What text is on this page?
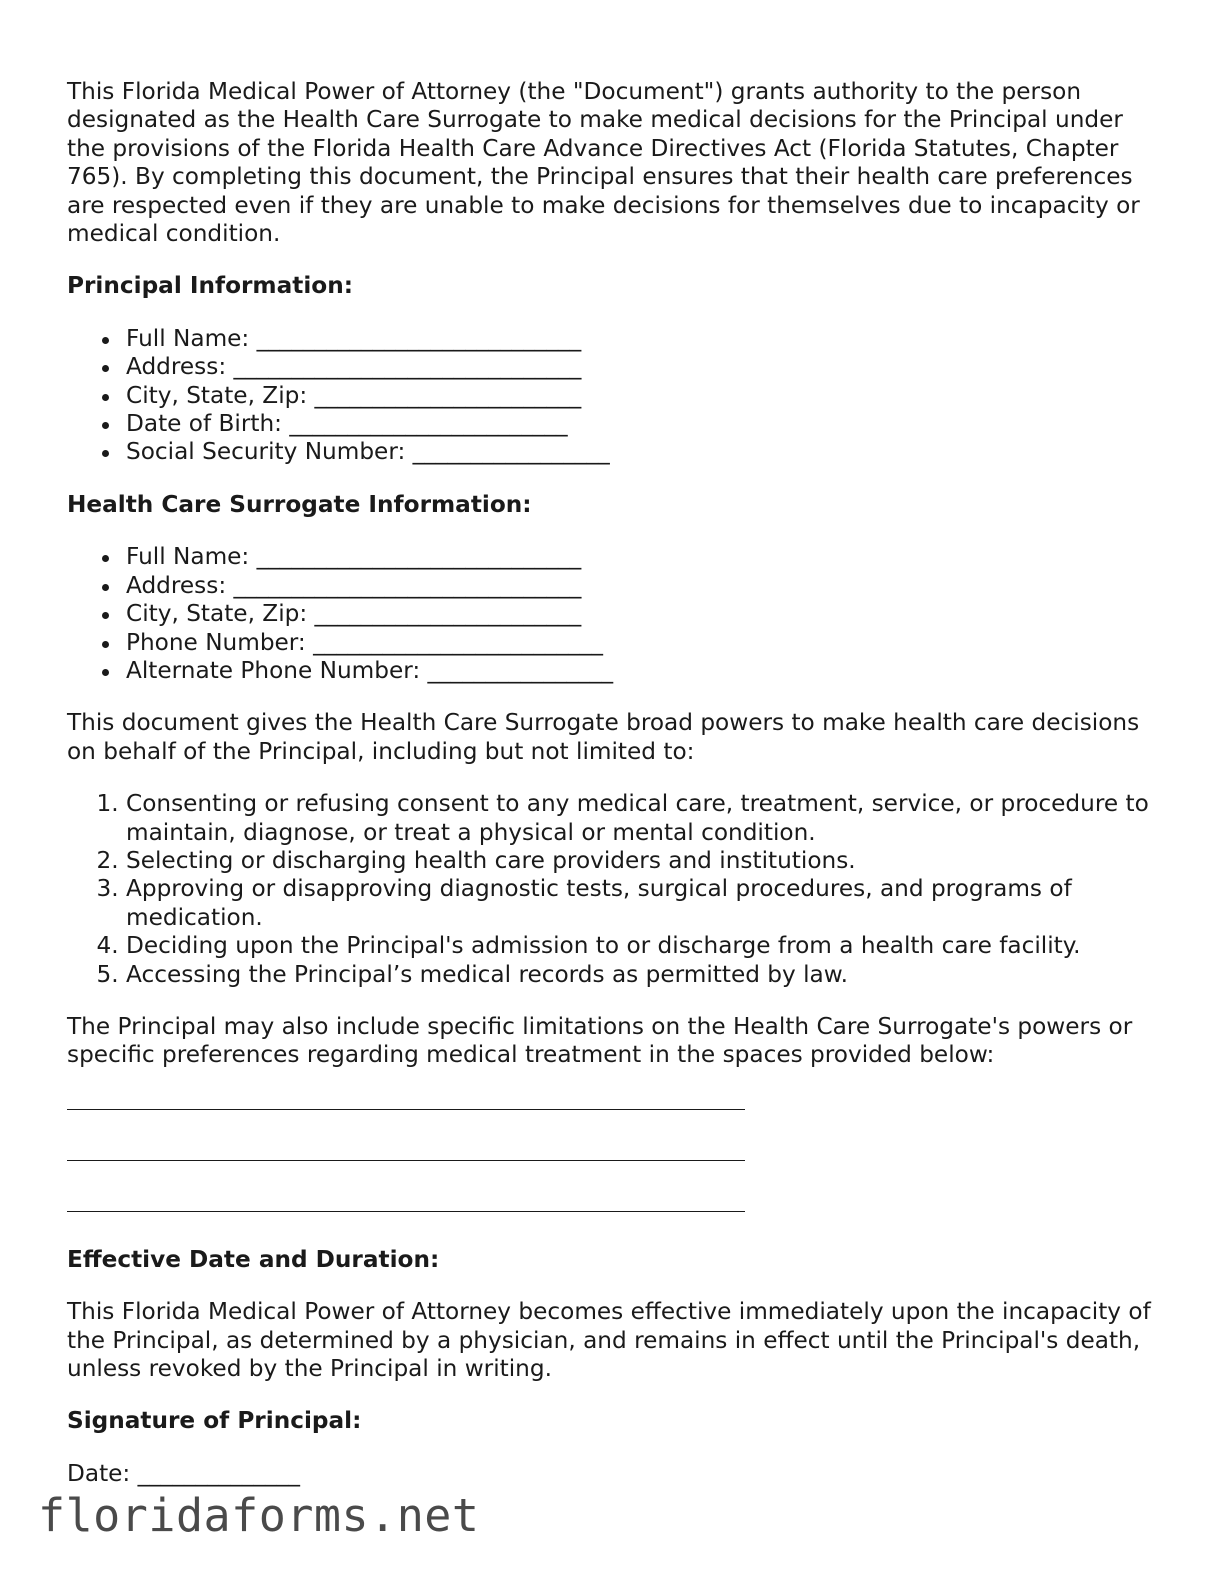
This Florida Medical Power of Attorney (the "Document") grants authority to the person designated as the Health Care Surrogate to make medical decisions for the Principal under the provisions of the Florida Health Care Advance Directives Act (Florida Statutes, Chapter 765). By completing this document, the Principal ensures that their health care preferences are respected even if they are unable to make decisions for themselves due to incapacity or medical condition.

Principal Information:

Full Name: ____________________________
Address: ______________________________
City, State, Zip: _______________________
Date of Birth: ________________________
Social Security Number: _________________

Health Care Surrogate Information:

Full Name: ____________________________
Address: ______________________________
City, State, Zip: _______________________
Phone Number: _________________________
Alternate Phone Number: ________________

This document gives the Health Care Surrogate broad powers to make health care decisions on behalf of the Principal, including but not limited to:

1. Consenting or refusing consent to any medical care, treatment, service, or procedure to maintain, diagnose, or treat a physical or mental condition.
2. Selecting or discharging health care providers and institutions.
3. Approving or disapproving diagnostic tests, surgical procedures, and programs of medication.
4. Deciding upon the Principal's admission to or discharge from a health care facility.
5. Accessing the Principal’s medical records as permitted by law.

The Principal may also include specific limitations on the Health Care Surrogate's powers or specific preferences regarding medical treatment in the spaces provided below:

Effective Date and Duration:

This Florida Medical Power of Attorney becomes effective immediately upon the incapacity of the Principal, as determined by a physician, and remains in effect until the Principal's death, unless revoked by the Principal in writing.

Signature of Principal:

Date: ______________

floridaforms.net
